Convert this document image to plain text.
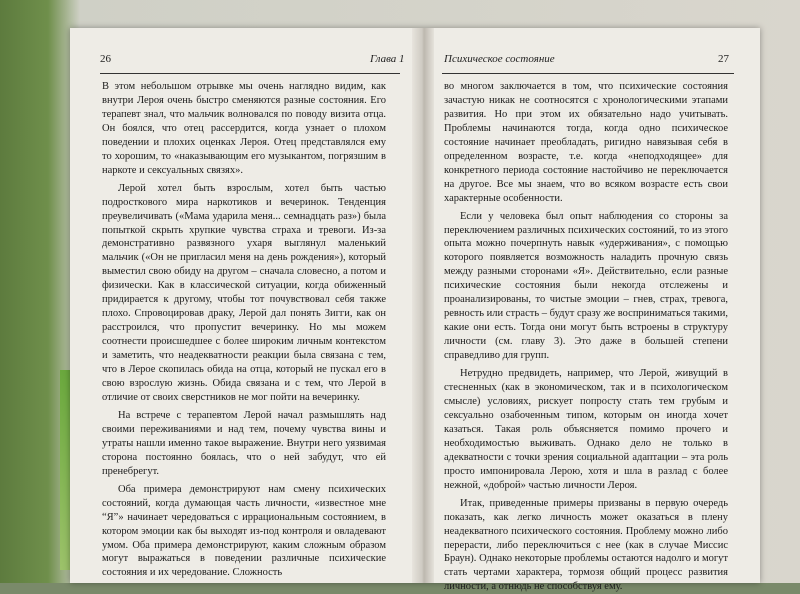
26	Глава 1	Психическое состояние	27

В этом небольшом отрывке мы очень наглядно видим, как внутри Лероя очень быстро сменяются разные состояния. Его терапевт знал, что мальчик волновался по поводу визита отца. Он боялся, что отец рассердится, когда узнает о плохом поведении и плохих оценках Лероя. Отец представлялся ему то хорошим, то «наказывающим его музыкантом, погрязшим в наркоте и сексуальных связях».

Лерой хотел быть взрослым, хотел быть частью подросткового мира наркотиков и вечеринок. Тенденция преувеличивать («Мама ударила меня... семнадцать раз») была попыткой скрыть хрупкие чувства страха и тревоги. Из-за демонстративно развязного ухаря выглянул маленький мальчик («Он не пригласил меня на день рождения»), который выместил свою обиду на другом – сначала словесно, а потом и физически. Как в классической ситуации, когда обиженный придирается к другому, чтобы тот почувствовал себя также плохо. Спровоцировав драку, Лерой дал понять Зигги, как он расстроился, что пропустит вечеринку. Но мы можем соотнести происшедшее с более широким личным контекстом и заметить, что неадекватности реакции была связана с тем, что в Лерое скопилась обида на отца, который не пускал его в свою взрослую жизнь. Обида связана и с тем, что Лерой в отличие от своих сверстников не мог пойти на вечеринку.

На встрече с терапевтом Лерой начал размышлять над своими переживаниями и над тем, почему чувства вины и утраты нашли именно такое выражение. Внутри него уязвимая сторона постоянно боялась, что о ней забудут, что ей пренебрегут.

Оба примера демонстрируют нам смену психических состояний, когда думающая часть личности, «известное мне “Я”» начинает чередоваться с иррациональным состоянием, в котором эмоции как бы выходят из-под контроля и овладевают умом. Оба примера демонстрируют, каким сложным образом могут выражаться в поведении различные психические состояния и их чередование. Сложность

во многом заключается в том, что психические состояния зачастую никак не соотносятся с хронологическими этапами развития. Но при этом их обязательно надо учитывать. Проблемы начинаются тогда, когда одно психическое состояние начинает преобладать, ригидно навязывая себя в определенном возрасте, т.е. когда «неподходящее» для конкретного периода состояние настойчиво не переключается на другое. Все мы знаем, что во всяком возрасте есть свои характерные особенности.

Если у человека был опыт наблюдения со стороны за переключением различных психических состояний, то из этого опыта можно почерпнуть навык «удерживания», с помощью которого появляется возможность наладить прочную связь между разными сторонами «Я». Действительно, если разные психические состояния были некогда отслежены и проанализированы, то чистые эмоции – гнев, страх, тревога, ревность или страсть – будут сразу же восприниматься такими, какие они есть. Тогда они могут быть встроены в структуру личности (см. главу 3). Это даже в большей степени справедливо для групп.

Нетрудно предвидеть, например, что Лерой, живущий в стесненных (как в экономическом, так и в психологическом смысле) условиях, рискует попросту стать тем грубым и сексуально озабоченным типом, которым он иногда хочет казаться. Такая роль объясняется помимо прочего и необходимостью выживать. Однако дело не только в адекватности с точки зрения социальной адаптации – эта роль просто импонировала Лерою, хотя и шла в разлад с более нежной, «доброй» частью личности Лероя.

Итак, приведенные примеры призваны в первую очередь показать, как легко личность может оказаться в плену неадекватного психического состояния. Проблему можно либо перерасти, либо переключиться с нее (как в случае Миссис Браун). Однако некоторые проблемы остаются надолго и могут стать чертами характера, тормозя общий процесс развития личности, а отнюдь не способствуя ему.
